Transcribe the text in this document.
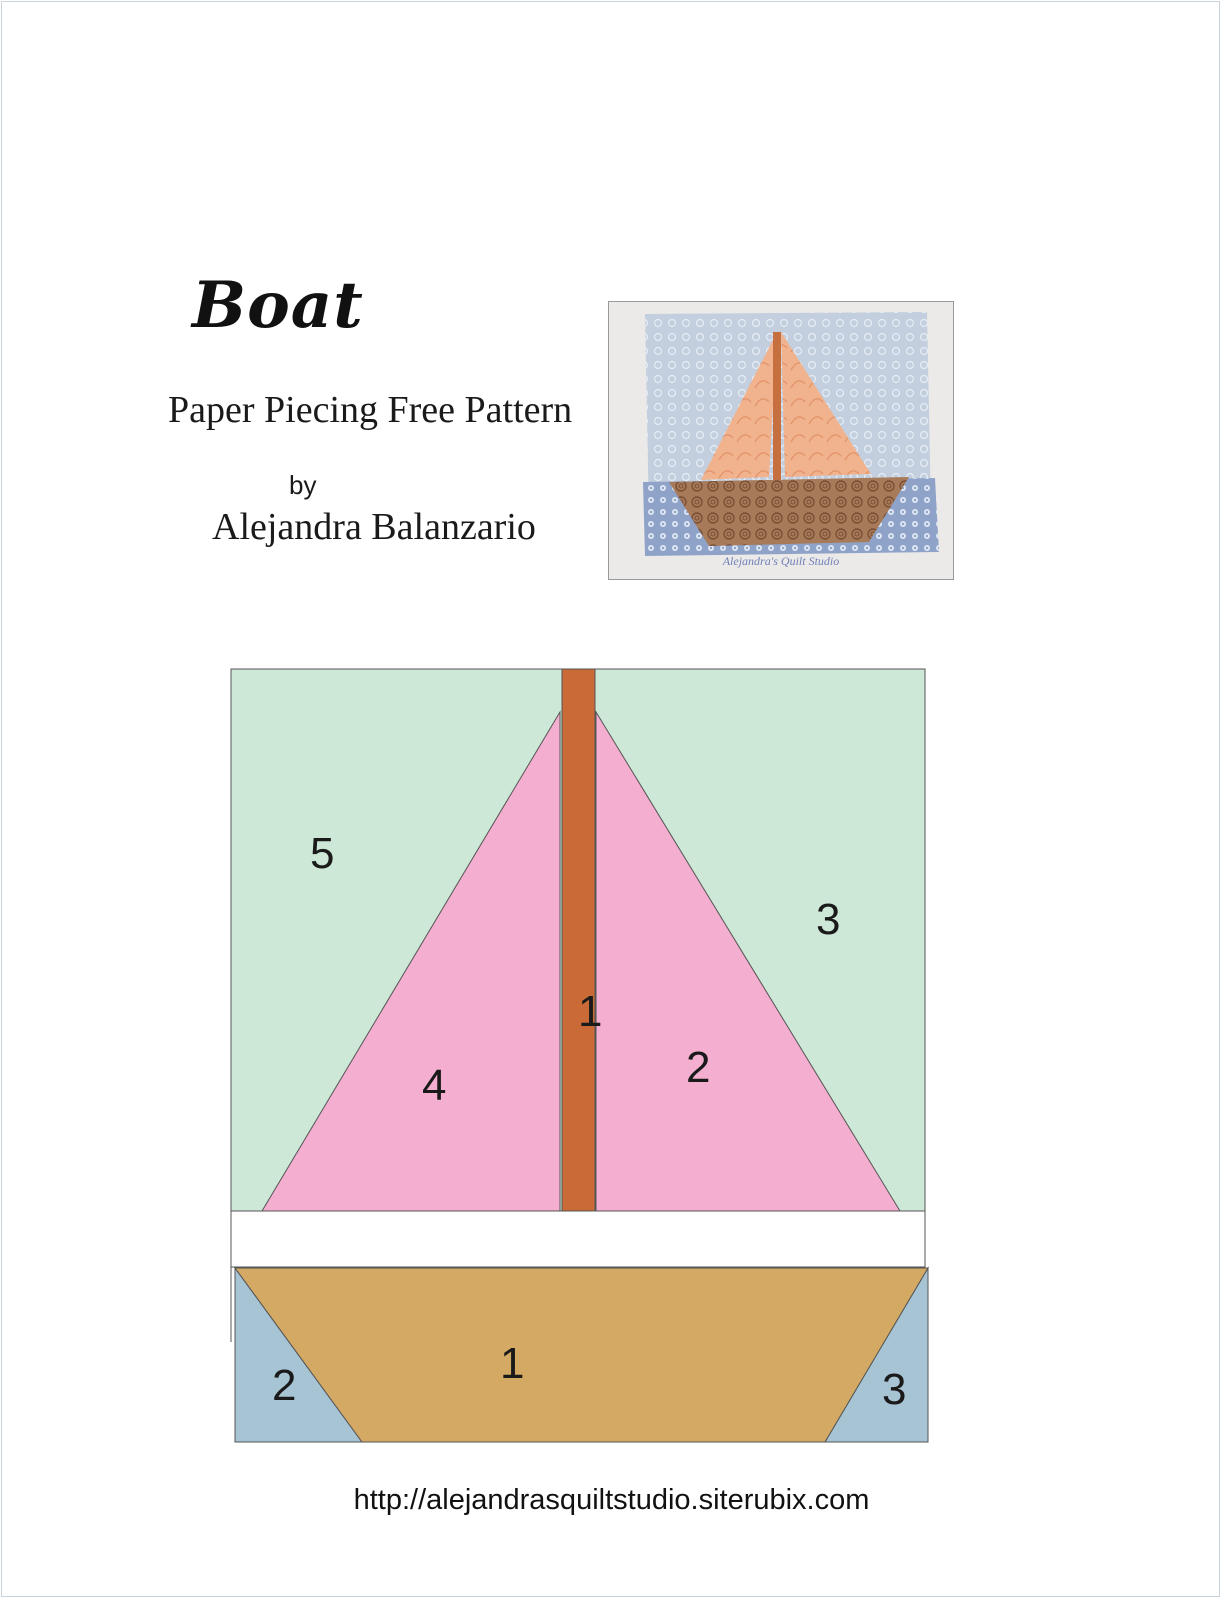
Boat
Paper Piecing Free Pattern
by
Alejandra Balanzario
Alejandra's Quilt Studio
5
3
1
4	2
1
2	3
http://alejandrasquiltstudio.siterubix.com
